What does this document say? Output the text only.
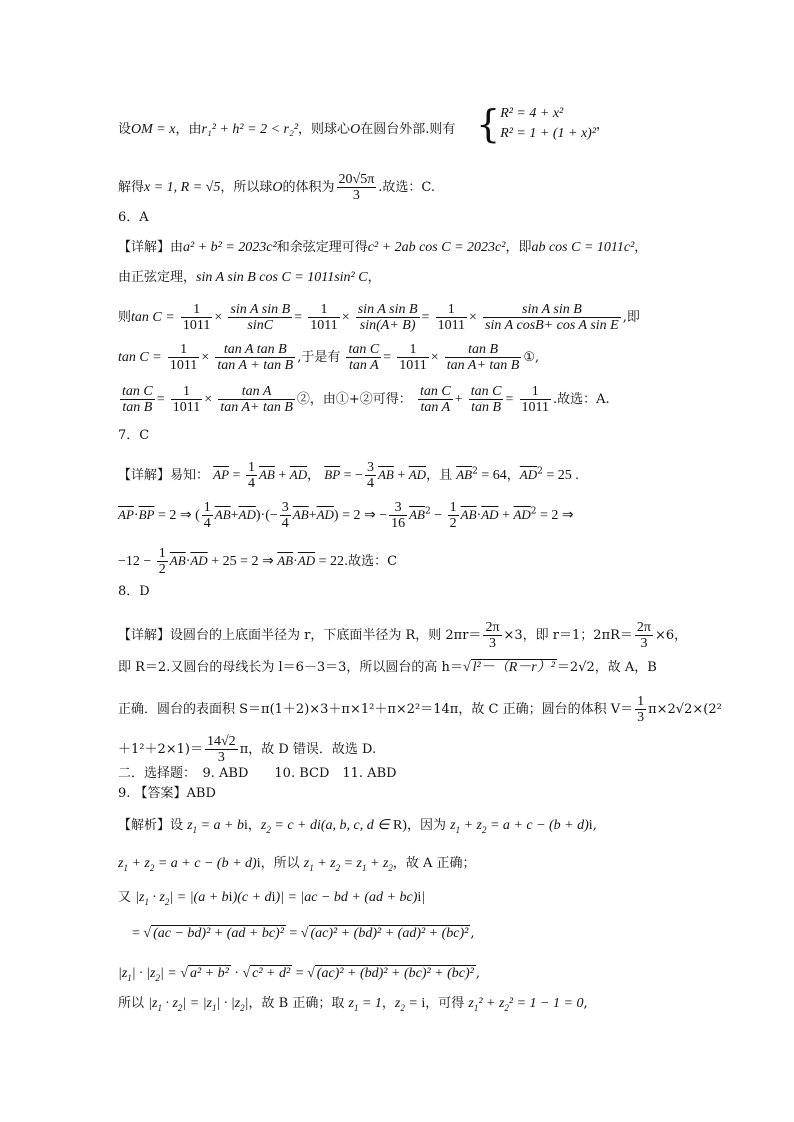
设OM = x，由r₁² + h² = 2 < r₂²，则球心O在圆台外部.则有 { R² = 4 + x²
R² = 1 + (1 + x)²
，
解得x = 1, R = √5，所以球O的体积为 $\frac{20√5\pi}{3}$ .故选：C.
6．A
【详解】由a² + b² = 2023c²和余弦定理可得c² + 2ab cos C = 2023c²，即ab cos C = 1011c²，
由正弦定理，sin A sin B cos C = 1011sin² C，
则$\tan C = \frac{1}{1011} \times \frac{\text{sin A sin B}}{\sin C} = \frac{1}{1011} \times \frac{\text{sin A sin B}}{\sin(A+ B)} = \frac{1}{1011} \times \frac{\text{sin A sin B}}{\text{sin A cosB+ cos A sin E}}$ ,即
$\tan C = \frac{1}{1011} \times \frac{\text{tan A tan B}}{\text{tan A + tan B}}$ ,于是有 $\frac{\text{tan C}}{\text{tan A}} = \frac{1}{1011} \times \frac{\text{tan B}}{\text{tan A+ tan B}}$ ①,
$\frac{\text{tan C}}{\text{tan B}} = \frac{1}{1011} \times \frac{\text{tan A}}{\text{tan A+ tan B}}$ ②，由①+②可得： $\frac{\text{tan C}}{\text{tan A}} + \frac{\text{tan C}}{\text{tan B}} = \frac{1}{1011}$ .故选：A.
7．C
【详解】易知： $\overline{AP} = \frac{1}{4} \overline{AB} + \overline{AD}$， $\overline{BP}$ = − $\frac{3}{4} \overline{AB} + \overline{AD}$，且 $\overline{AB}^2 = 64$，$\overline{AD}^2 = 25$ .
$\overline{AP}\cdot\overline{BP} = 2$ ⇒ ( $\frac{1}{4} \overline{AB}+\overline{AD})\cdot(- \frac{3}{4} \overline{AB}+\overline{AD}) = 2$ ⇒ − $\frac{3}{16} \overline{AB}^2 - \frac{1}{2} \overline{AB}\cdot\overline{AD} + \overline{AD}^2 = 2$ ⇒
$-12 - \frac{1}{2} \overline{AB}\cdot\overline{AD} + 25 = 2$ ⇒ $\overline{AB}\cdot\overline{AD} = 22$.故选：C
8．D
【详解】设圆台的上底面半径为 r，下底面半径为 R，则 $2\pi r= \frac{2\pi}{3} \times 3$，即 r＝1；$2\pi R= \frac{2\pi}{3} \times 6$，
即 R＝2.又圆台的母线长为 l＝6－3＝3，所以圆台的高 h＝√ l²－（R－r）² ＝2√2，故 A，B
正确．圆台的表面积 S＝π(1＋2)×3＋π×1²＋π×2²＝14π，故 C 正确；圆台的体积 $V= \frac{1}{3} \pi\times 2√2\times(2^2$
$+1^2+2\times 1)= \frac{14√2}{3}$ π，故 D 错误．故选 D.
二．选择题：　9. ABD　　10. BCD　11. ABD
9. 【答案】ABD
【解析】设 $z_1 = a$ + bi，$z_2 = c + di(a$, b, c, d ∈ R)，因为 $z_1 + z_2 = a + c - (b + d)i$,
$z_1 + z_2 = a + c - (b + d)i$，所以 $z_1 + z_2 = z_1 + z_2$，故 A 正确；
又 $|z_1 \cdot z_2| = |(a + bi)(c + di)| = |ac$ − bd + (ad + bc)i|
= √ (ac − bd)² + (ad + bc)² = √ (ac)² + (bd)² + (ad)² + (bc)² ,
$|z_1| \cdot |z_2|$ = √ a² + b² · √ c² + d² = √ (ac)² + (bd)² + (bc)² + (bc)² ,
所以 $|z_1 \cdot z_2| = |z_1| \cdot |z_2|$，故 B 正确；取 $z_1 = 1$，$z_2 = i$，可得 $z_1^2 + z_2^2 = 1 - 1 = 0$,
